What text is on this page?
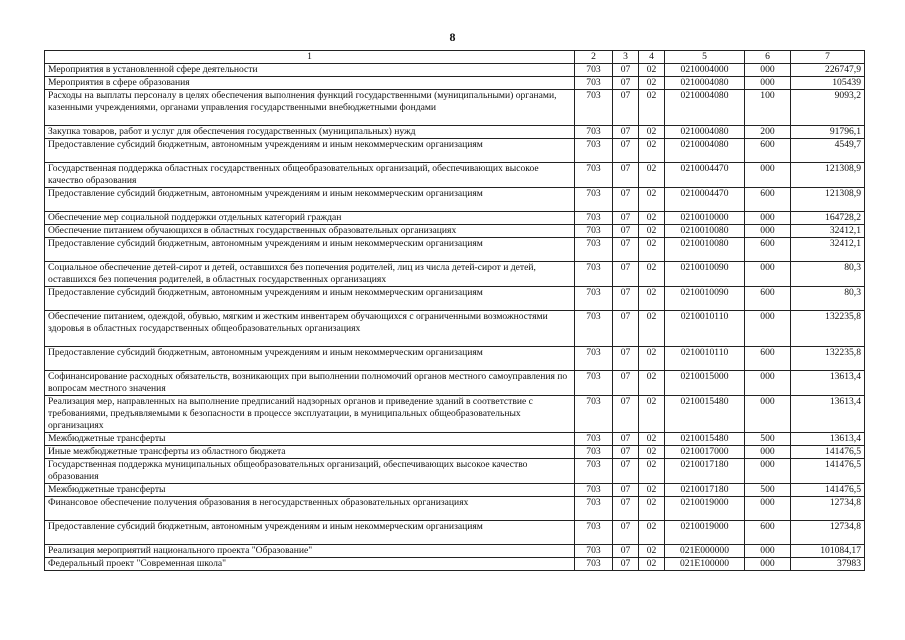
8
1	2	3	4	5	6	7
Мероприятия в установленной сфере деятельности	703	07	02	0210004000	000	226747,9
Мероприятия в сфере образования	703	07	02	0210004080	000	105439
Расходы на выплаты персоналу в целях обеспечения выполнения функций государственными (муниципальными) органами, казенными учреждениями, органами управления государственными внебюджетными фондами	703	07	02	0210004080	100	9093,2
Закупка товаров, работ и услуг для обеспечения государственных (муниципальных) нужд	703	07	02	0210004080	200	91796,1
Предоставление субсидий бюджетным, автономным учреждениям и иным некоммерческим организациям	703	07	02	0210004080	600	4549,7
Государственная поддержка областных государственных общеобразовательных организаций, обеспечивающих высокое качество образования	703	07	02	0210004470	000	121308,9
Предоставление субсидий бюджетным, автономным учреждениям и иным некоммерческим организациям	703	07	02	0210004470	600	121308,9
Обеспечение мер социальной поддержки отдельных категорий граждан	703	07	02	0210010000	000	164728,2
Обеспечение питанием обучающихся в областных государственных образовательных организациях	703	07	02	0210010080	000	32412,1
Предоставление субсидий бюджетным, автономным учреждениям и иным некоммерческим организациям	703	07	02	0210010080	600	32412,1
Социальное обеспечение детей-сирот и детей, оставшихся без попечения родителей, лиц из числа детей-сирот и детей, оставшихся без попечения родителей, в областных государственных организациях	703	07	02	0210010090	000	80,3
Предоставление субсидий бюджетным, автономным учреждениям и иным некоммерческим организациям	703	07	02	0210010090	600	80,3
Обеспечение питанием, одеждой, обувью, мягким и жестким инвентарем обучающихся с ограниченными возможностями здоровья в областных государственных общеобразовательных организациях	703	07	02	0210010110	000	132235,8
Предоставление субсидий бюджетным, автономным учреждениям и иным некоммерческим организациям	703	07	02	0210010110	600	132235,8
Софинансирование расходных обязательств, возникающих при выполнении полномочий органов местного самоуправления по вопросам местного значения	703	07	02	0210015000	000	13613,4
Реализация мер, направленных на выполнение предписаний надзорных органов и приведение зданий в соответствие с требованиями, предъявляемыми к безопасности в процессе эксплуатации, в муниципальных общеобразовательных организациях	703	07	02	0210015480	000	13613,4
Межбюджетные трансферты	703	07	02	0210015480	500	13613,4
Иные межбюджетные трансферты из областного бюджета	703	07	02	0210017000	000	141476,5
Государственная поддержка муниципальных общеобразовательных организаций, обеспечивающих высокое качество образования	703	07	02	0210017180	000	141476,5
Межбюджетные трансферты	703	07	02	0210017180	500	141476,5
Финансовое обеспечение получения образования в негосударственных образовательных организациях	703	07	02	0210019000	000	12734,8
Предоставление субсидий бюджетным, автономным учреждениям и иным некоммерческим организациям	703	07	02	0210019000	600	12734,8
Реализация мероприятий национального проекта "Образование"	703	07	02	021E000000	000	101084,17
Федеральный проект "Современная школа"	703	07	02	021E100000	000	37983
